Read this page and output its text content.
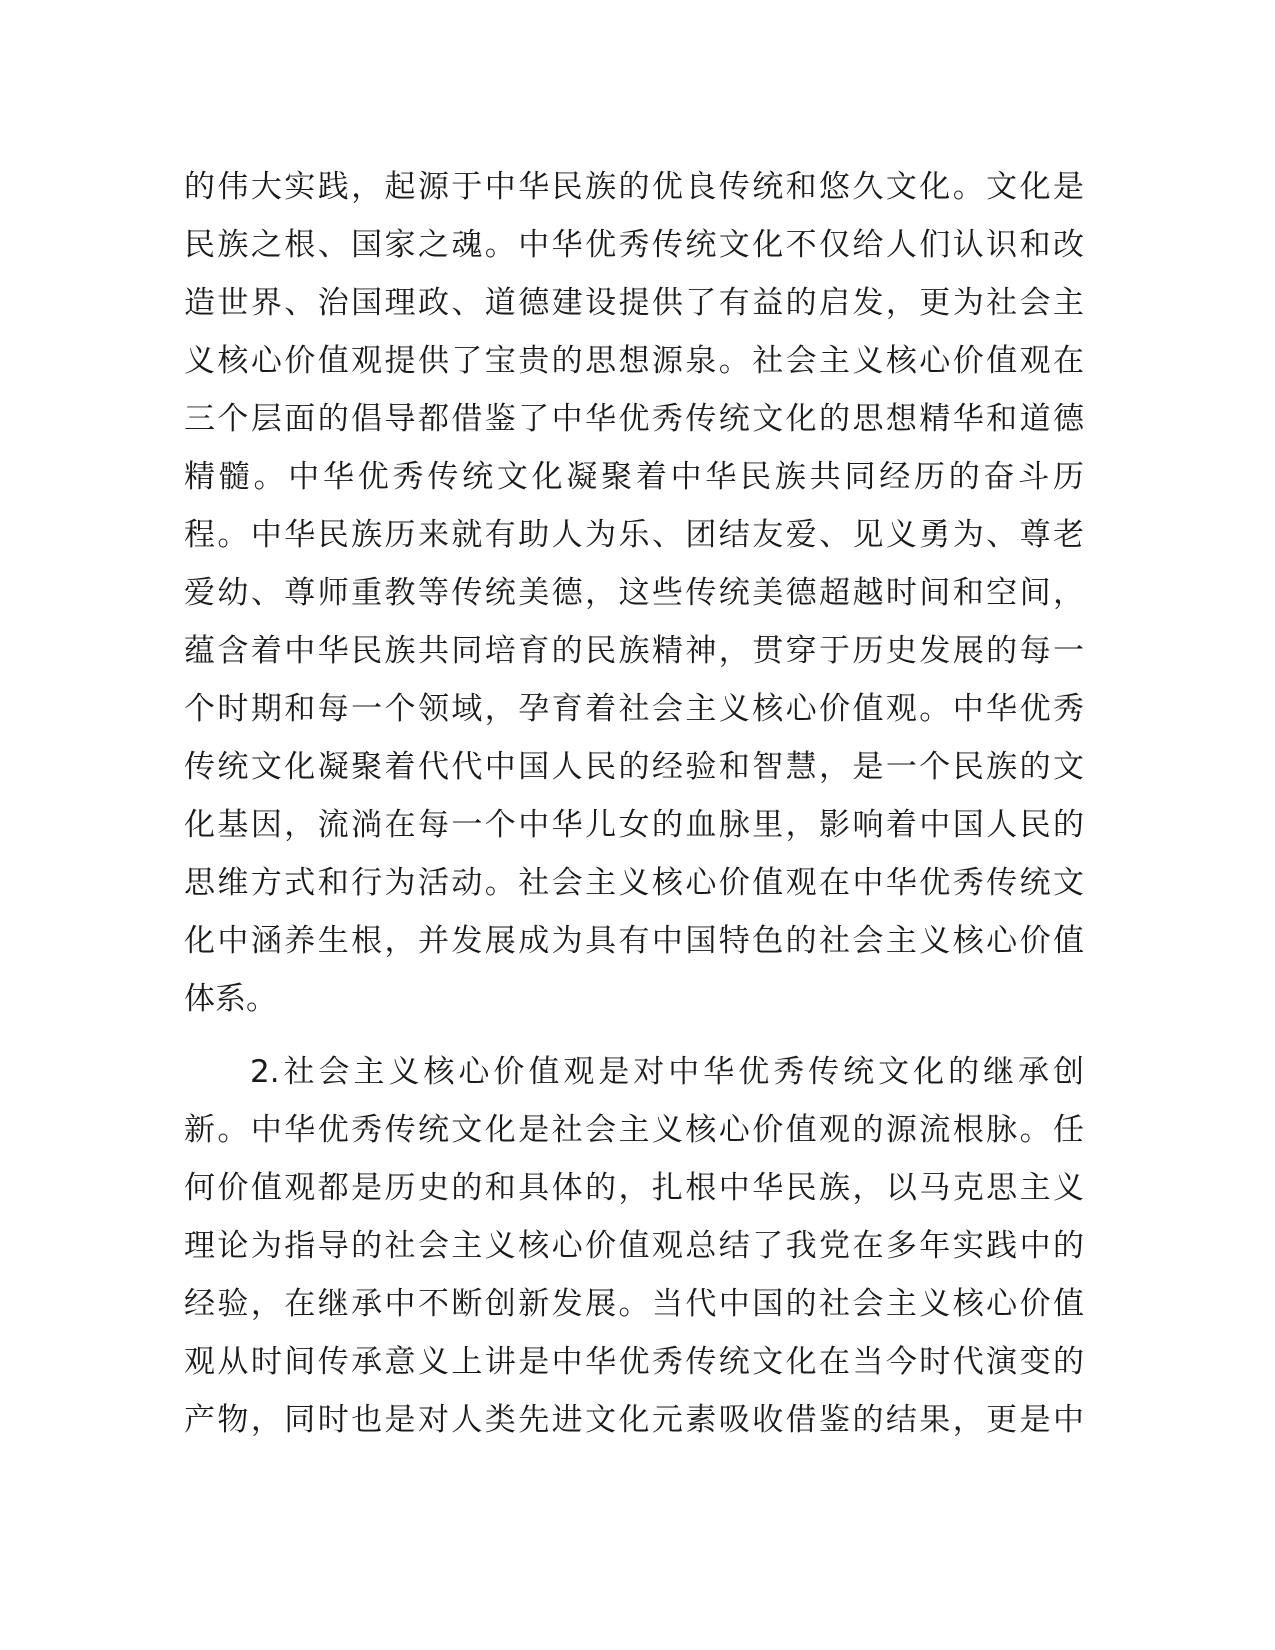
的伟大实践，起源于中华民族的优良传统和悠久文化。文化是
民族之根、国家之魂。中华优秀传统文化不仅给人们认识和改
造世界、治国理政、道德建设提供了有益的启发，更为社会主
义核心价值观提供了宝贵的思想源泉。社会主义核心价值观在
三个层面的倡导都借鉴了中华优秀传统文化的思想精华和道德
精髓。中华优秀传统文化凝聚着中华民族共同经历的奋斗历
程。中华民族历来就有助人为乐、团结友爱、见义勇为、尊老
爱幼、尊师重教等传统美德，这些传统美德超越时间和空间，
蕴含着中华民族共同培育的民族精神，贯穿于历史发展的每一
个时期和每一个领域，孕育着社会主义核心价值观。中华优秀
传统文化凝聚着代代中国人民的经验和智慧，是一个民族的文
化基因，流淌在每一个中华儿女的血脉里，影响着中国人民的
思维方式和行为活动。社会主义核心价值观在中华优秀传统文
化中涵养生根，并发展成为具有中国特色的社会主义核心价值
体系。
2.社会主义核心价值观是对中华优秀传统文化的继承创
新。中华优秀传统文化是社会主义核心价值观的源流根脉。任
何价值观都是历史的和具体的，扎根中华民族，以马克思主义
理论为指导的社会主义核心价值观总结了我党在多年实践中的
经验，在继承中不断创新发展。当代中国的社会主义核心价值
观从时间传承意义上讲是中华优秀传统文化在当今时代演变的
产物，同时也是对人类先进文化元素吸收借鉴的结果，更是中
